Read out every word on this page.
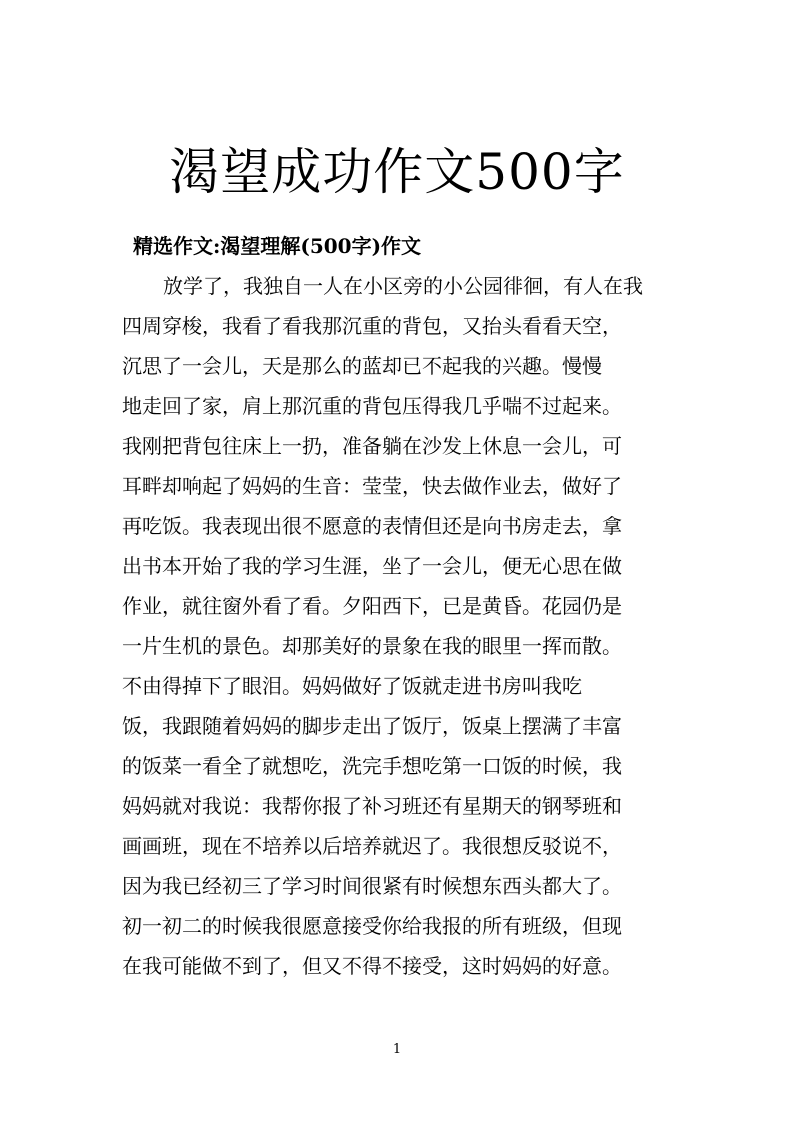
渴望成功作文500字
精选作文:渴望理解(500字)作文
放学了，我独自一人在小区旁的小公园徘徊，有人在我
四周穿梭，我看了看我那沉重的背包，又抬头看看天空，
沉思了一会儿，天是那么的蓝却已不起我的兴趣。慢慢
地走回了家，肩上那沉重的背包压得我几乎喘不过起来。
我刚把背包往床上一扔，准备躺在沙发上休息一会儿，可
耳畔却响起了妈妈的生音：莹莹，快去做作业去，做好了
再吃饭。我表现出很不愿意的表情但还是向书房走去，拿
出书本开始了我的学习生涯，坐了一会儿，便无心思在做
作业，就往窗外看了看。夕阳西下，已是黄昏。花园仍是
一片生机的景色。却那美好的景象在我的眼里一挥而散。
不由得掉下了眼泪。妈妈做好了饭就走进书房叫我吃
饭，我跟随着妈妈的脚步走出了饭厅，饭桌上摆满了丰富
的饭菜一看全了就想吃，洗完手想吃第一口饭的时候，我
妈妈就对我说：我帮你报了补习班还有星期天的钢琴班和
画画班，现在不培养以后培养就迟了。我很想反驳说不，
因为我已经初三了学习时间很紧有时候想东西头都大了。
初一初二的时候我很愿意接受你给我报的所有班级，但现
在我可能做不到了，但又不得不接受，这时妈妈的好意。
1
